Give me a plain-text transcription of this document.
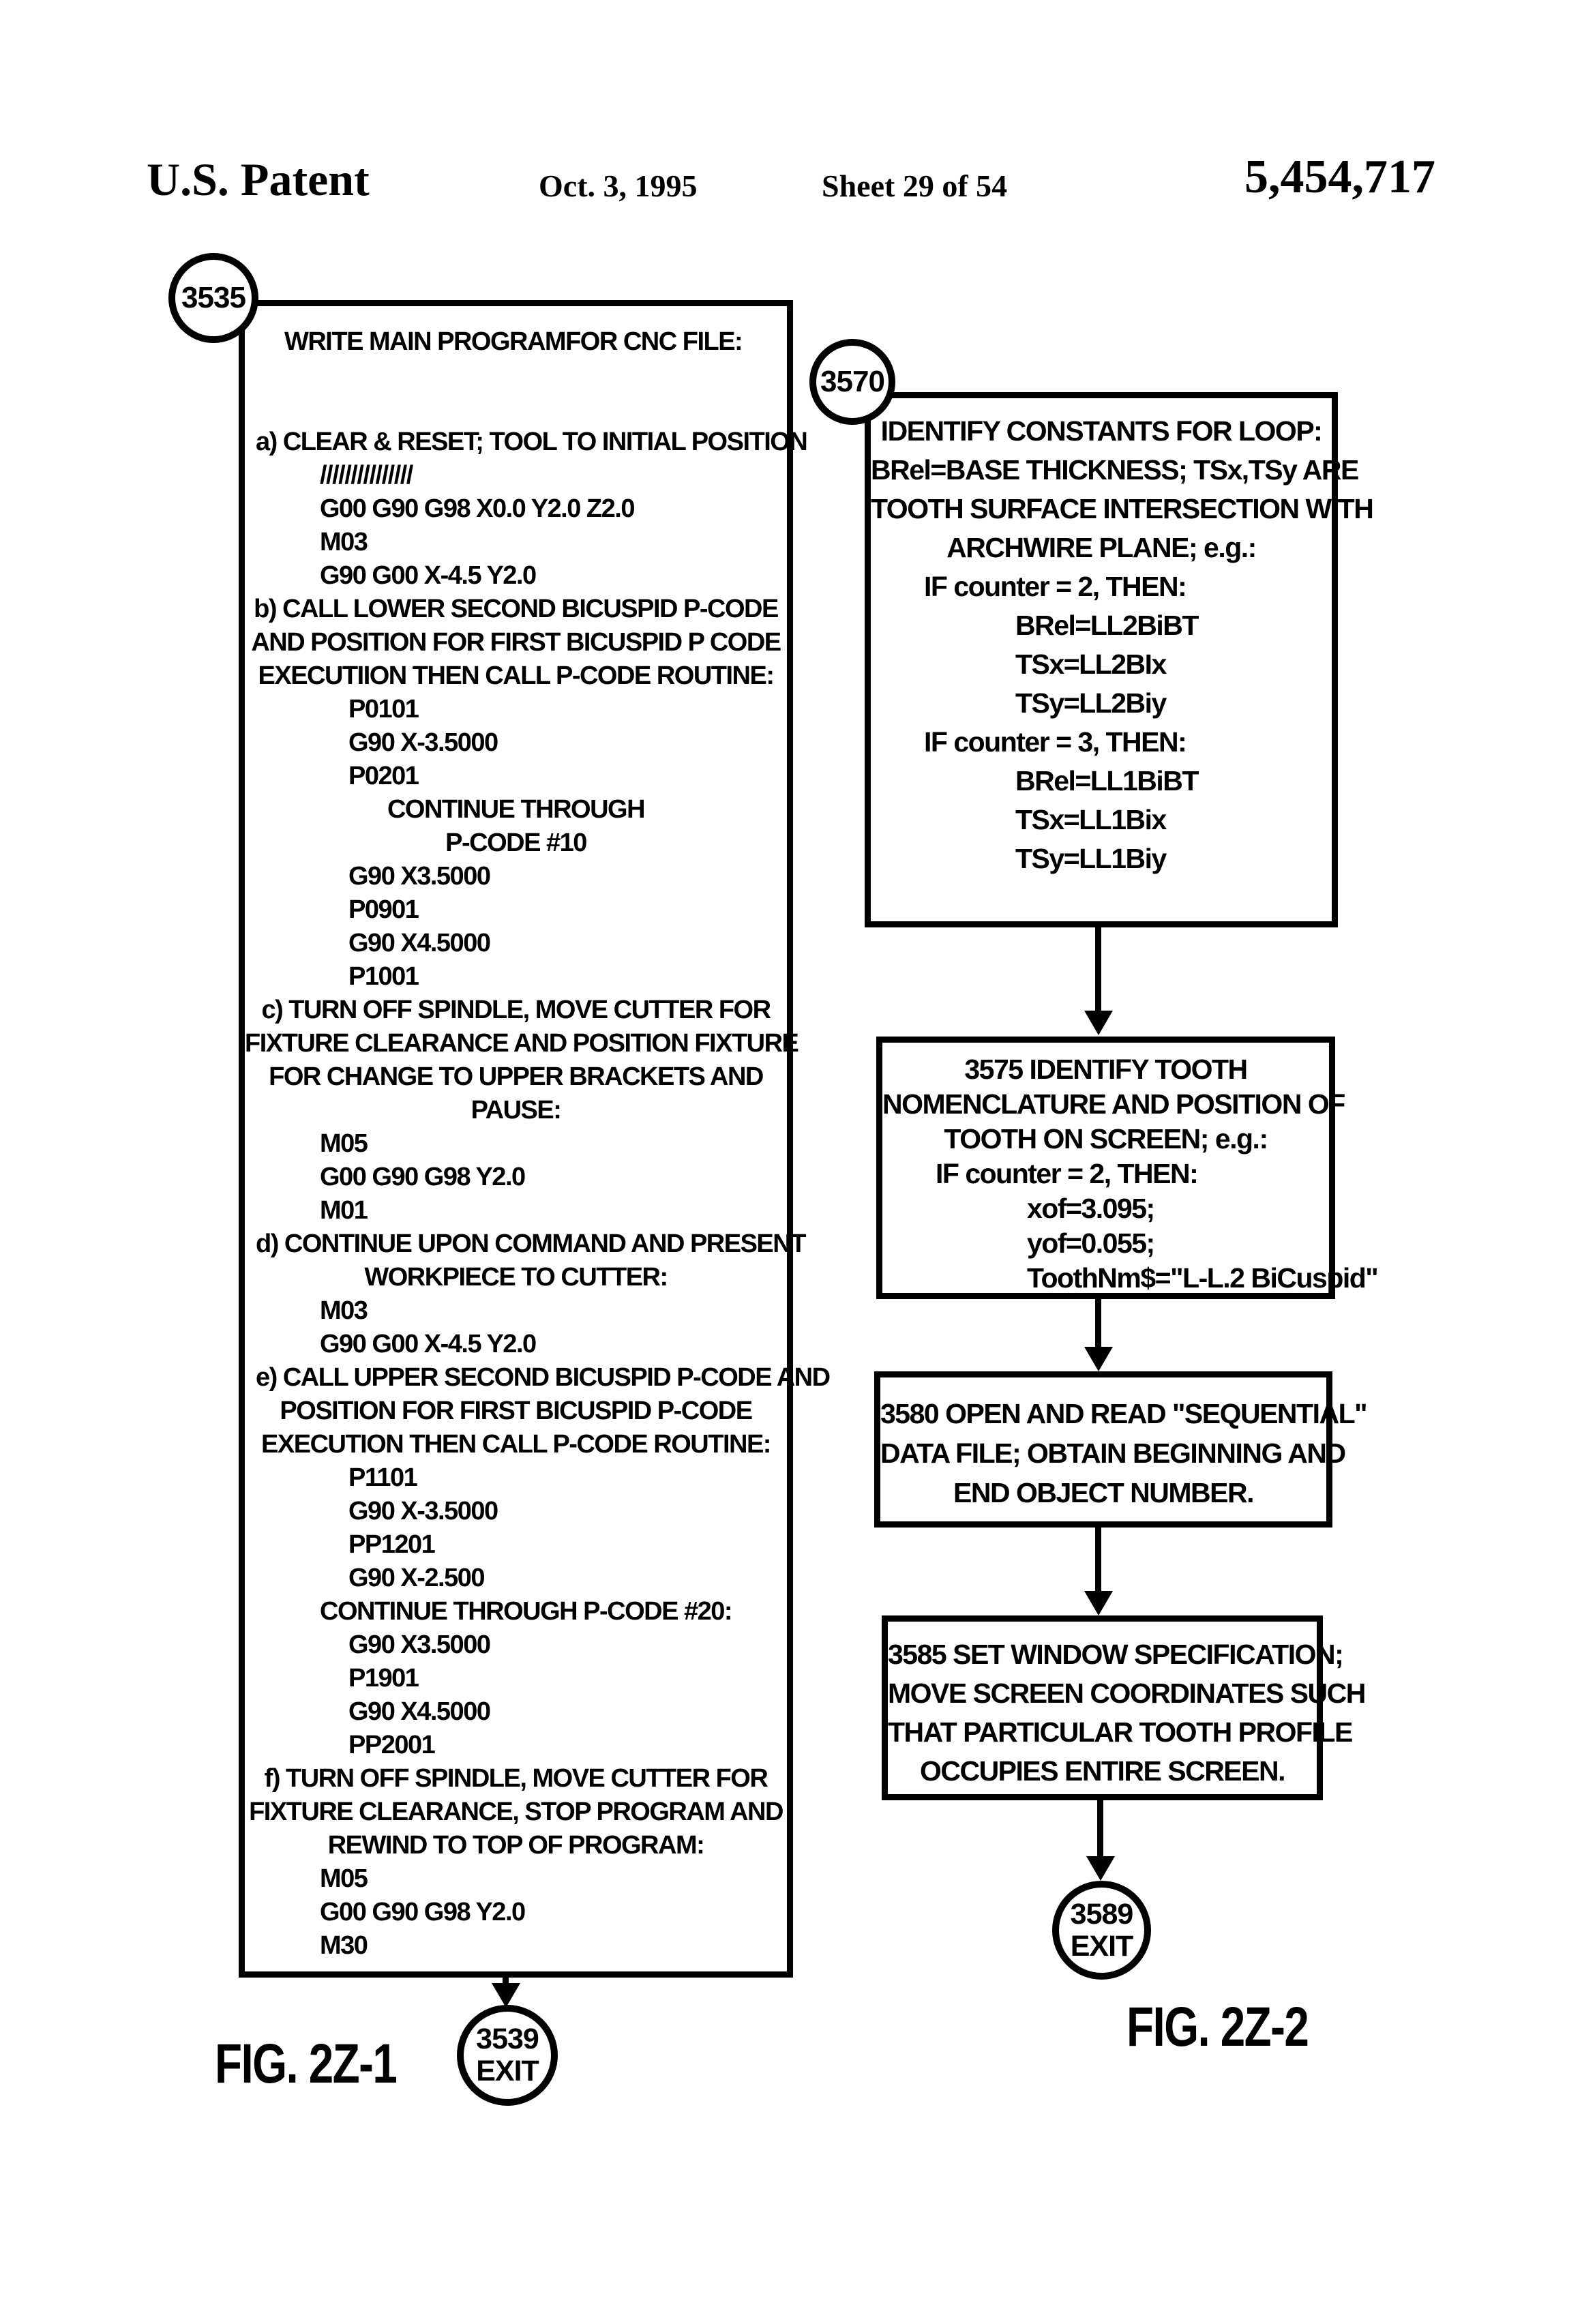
U.S. Patent	Oct. 3, 1995	Sheet 29 of 54	5,454,717
3535
WRITE MAIN PROGRAMFOR CNC FILE:
a) CLEAR & RESET; TOOL TO INITIAL POSITION
///////////////
G00 G90 G98 X0.0 Y2.0 Z2.0
M03
G90 G00 X-4.5 Y2.0
b) CALL LOWER SECOND BICUSPID P-CODE
AND POSITION FOR FIRST BICUSPID P CODE
EXECUTIION THEN CALL P-CODE ROUTINE:
P0101
G90 X-3.5000
P0201
CONTINUE THROUGH
P-CODE #10
G90 X3.5000
P0901
G90 X4.5000
P1001
c) TURN OFF SPINDLE, MOVE CUTTER FOR
FIXTURE CLEARANCE AND POSITION FIXTURE
FOR CHANGE TO UPPER BRACKETS AND
PAUSE:
M05
G00 G90 G98 Y2.0
M01
d) CONTINUE UPON COMMAND AND PRESENT
WORKPIECE TO CUTTER:
M03
G90 G00 X-4.5 Y2.0
e) CALL UPPER SECOND BICUSPID P-CODE AND
POSITION FOR FIRST BICUSPID P-CODE
EXECUTION THEN CALL P-CODE ROUTINE:
P1101
G90 X-3.5000
PP1201
G90 X-2.500
CONTINUE THROUGH P-CODE #20:
G90 X3.5000
P1901
G90 X4.5000
PP2001
f) TURN OFF SPINDLE, MOVE CUTTER FOR
FIXTURE CLEARANCE, STOP PROGRAM AND
REWIND TO TOP OF PROGRAM:
M05
G00 G90 G98 Y2.0
M30
3539
EXIT
FIG. 2Z-1
3570
IDENTIFY CONSTANTS FOR LOOP:
BRel=BASE THICKNESS; TSx,TSy ARE
TOOTH SURFACE INTERSECTION WITH
ARCHWIRE PLANE; e.g.:
IF counter = 2, THEN:
BRel=LL2BiBT
TSx=LL2BIx
TSy=LL2Biy
IF counter = 3, THEN:
BRel=LL1BiBT
TSx=LL1Bix
TSy=LL1Biy
3575 IDENTIFY TOOTH
NOMENCLATURE AND POSITION OF
TOOTH ON SCREEN; e.g.:
IF counter = 2, THEN:
xof=3.095;
yof=0.055;
ToothNm$="L-L.2 BiCuspid"
3580 OPEN AND READ "SEQUENTIAL"
DATA FILE; OBTAIN BEGINNING AND
END OBJECT NUMBER.
3585 SET WINDOW SPECIFICATION;
MOVE SCREEN COORDINATES SUCH
THAT PARTICULAR TOOTH PROFILE
OCCUPIES ENTIRE SCREEN.
3589
EXIT
FIG. 2Z-2
